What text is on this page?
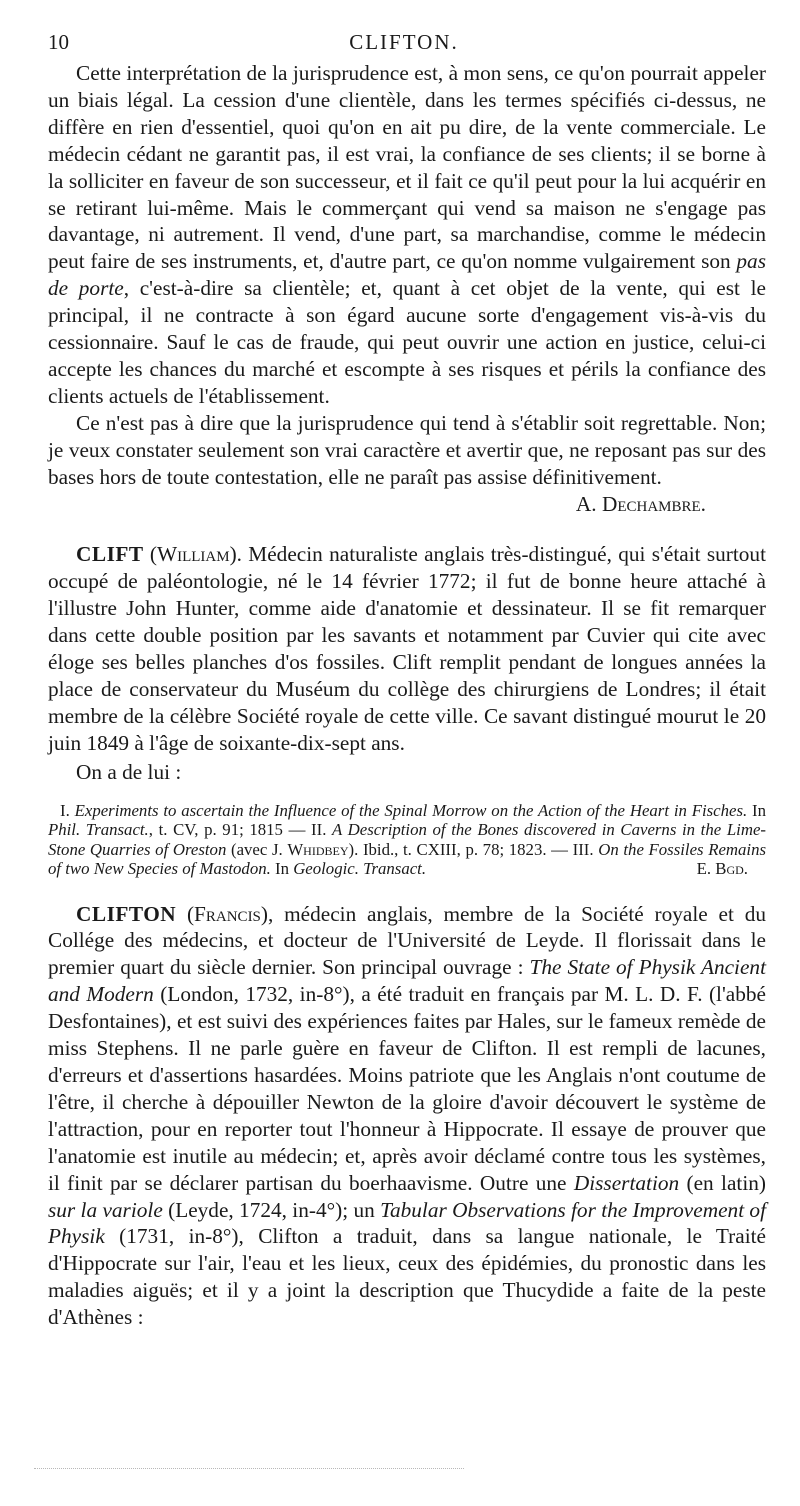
10	CLIFTON.

Cette interprétation de la jurisprudence est, à mon sens, ce qu'on pourrait appeler un biais légal. La cession d'une clientèle, dans les termes spécifiés ci-dessus, ne diffère en rien d'essentiel, quoi qu'on en ait pu dire, de la vente commerciale. Le médecin cédant ne garantit pas, il est vrai, la confiance de ses clients; il se borne à la solliciter en faveur de son successeur, et il fait ce qu'il peut pour la lui acquérir en se retirant lui-même. Mais le commerçant qui vend sa maison ne s'engage pas davantage, ni autrement. Il vend, d'une part, sa marchandise, comme le médecin peut faire de ses instruments, et, d'autre part, ce qu'on nomme vulgairement son pas de porte, c'est-à-dire sa clientèle; et, quant à cet objet de la vente, qui est le principal, il ne contracte à son égard aucune sorte d'engagement vis-à-vis du cessionnaire. Sauf le cas de fraude, qui peut ouvrir une action en justice, celui-ci accepte les chances du marché et escompte à ses risques et périls la confiance des clients actuels de l'établissement.

Ce n'est pas à dire que la jurisprudence qui tend à s'établir soit regrettable. Non; je veux constater seulement son vrai caractère et avertir que, ne reposant pas sur des bases hors de toute contestation, elle ne paraît pas assise définitivement.

A. Dechambre.

CLIFT (William). Médecin naturaliste anglais très-distingué, qui s'était surtout occupé de paléontologie, né le 14 février 1772; il fut de bonne heure attaché à l'illustre John Hunter, comme aide d'anatomie et dessinateur. Il se fit remarquer dans cette double position par les savants et notamment par Cuvier qui cite avec éloge ses belles planches d'os fossiles. Clift remplit pendant de longues années la place de conservateur du Muséum du collège des chirurgiens de Londres; il était membre de la célèbre Société royale de cette ville. Ce savant distingué mourut le 20 juin 1849 à l'âge de soixante-dix-sept ans.

On a de lui :

I. Experiments to ascertain the Influence of the Spinal Morrow on the Action of the Heart in Fisches. In Phil. Transact., t. CV, p. 91; 1815 — II. A Description of the Bones discovered in Caverns in the Lime-Stone Quarries of Oreston (avec J. Whidbey). Ibid., t. CXIII, p. 78; 1823. — III. On the Fossiles Remains of two New Species of Mastodon. In Geologic. Transact.	E. Bgd.

CLIFTON (Francis), médecin anglais, membre de la Société royale et du Collége des médecins, et docteur de l'Université de Leyde. Il florissait dans le premier quart du siècle dernier. Son principal ouvrage : The State of Physik Ancient and Modern (London, 1732, in-8°), a été traduit en français par M. L. D. F. (l'abbé Desfontaines), et est suivi des expériences faites par Hales, sur le fameux remède de miss Stephens. Il ne parle guère en faveur de Clifton. Il est rempli de lacunes, d'erreurs et d'assertions hasardées. Moins patriote que les Anglais n'ont coutume de l'être, il cherche à dépouiller Newton de la gloire d'avoir découvert le système de l'attraction, pour en reporter tout l'honneur à Hippocrate. Il essaye de prouver que l'anatomie est inutile au médecin; et, après avoir déclamé contre tous les systèmes, il finit par se déclarer partisan du boerhaavisme. Outre une Dissertation (en latin) sur la variole (Leyde, 1724, in-4°); un Tabular Observations for the Improvement of Physik (1731, in-8°), Clifton a traduit, dans sa langue nationale, le Traité d'Hippocrate sur l'air, l'eau et les lieux, ceux des épidémies, du pronostic dans les maladies aiguës; et il y a joint la description que Thucydide a faite de la peste d'Athènes :
